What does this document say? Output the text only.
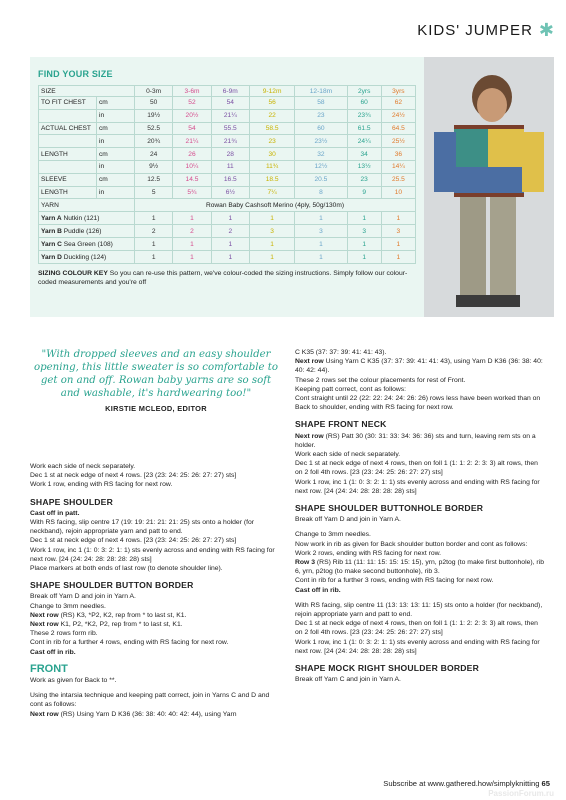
KIDS' JUMPER ✱
FIND YOUR SIZE
SIZE		0-3m	3-6m	6-9m	9-12m	12-18m	2yrs	3yrs
TO FIT CHEST	cm	50	52	54	56	58	60	62
	in	19½	20½	21¼	22	23	23¾	24½
ACTUAL CHEST	cm	52.5	54	55.5	58.5	60	61.5	64.5
	in	20¾	21¼	21¾	23	23½	24¼	25½
LENGTH	cm	24	26	28	30	32	34	36
	in	9½	10¼	11	11¾	12½	13½	14¼
SLEEVE	cm	12.5	14.5	16.5	18.5	20.5	23	25.5
LENGTH	in	5	5¾	6½	7¼	8	9	10
YARN		Rowan Baby Cashsoft Merino (4ply, 50g/130m)						
Yarn A Nutkin (121)		1	1	1	1	1	1	1
Yarn B Puddle (126)		2	2	2	3	3	3	3
Yarn C Sea Green (108)		1	1	1	1	1	1	1
Yarn D Duckling (124)		1	1	1	1	1	1	1
SIZING COLOUR KEY So you can re-use this pattern, we've colour-coded the sizing instructions. Simply follow our colour-coded measurements and you're off
"With dropped sleeves and an easy shoulder opening, this little sweater is so comfortable to get on and off. Rowan baby yarns are so soft and washable, it's hardwearing too!"
KIRSTIE MCLEOD, EDITOR

Work each side of neck separately.

Dec 1 st at neck edge of next 4 rows. [23 (23: 24: 25: 26: 27: 27) sts]

Work 1 row, ending with RS facing for next row.

SHAPE SHOULDER

Cast off in patt.

With RS facing, slip centre 17 (19: 19: 21: 21: 21: 25) sts onto a holder (for neckband), rejoin appropriate yarn and patt to end.

Dec 1 st at neck edge of next 4 rows. [23 (23: 24: 25: 26: 27: 27) sts]

Work 1 row, inc 1 (1: 0: 3: 2: 1: 1) sts evenly across and ending with RS facing for next row. [24 (24: 24: 28: 28: 28: 28) sts]

Place markers at both ends of last row (to denote shoulder line).

SHAPE SHOULDER BUTTON BORDER

Break off Yarn D and join in Yarn A.

Change to 3mm needles.

Next row (RS) K3, *P2, K2, rep from * to last st, K1.

Next row K1, P2, *K2, P2, rep from * to last st, K1.

These 2 rows form rib.

Cont in rib for a further 4 rows, ending with RS facing for next row.

Cast off in rib.

FRONT

Work as given for Back to **.

Using the intarsia technique and keeping patt correct, join in Yarns C and D and cont as follows:

Next row (RS) Using Yarn D K36 (36: 38: 40: 40: 42: 44), using Yarn

C K35 (37: 37: 39: 41: 41: 43).

Next row Using Yarn C K35 (37: 37: 39: 41: 41: 43), using Yarn D K36 (36: 38: 40: 40: 42: 44).

These 2 rows set the colour placements for rest of Front.

Keeping patt correct, cont as follows:

Cont straight until 22 (22: 22: 24: 24: 26: 26) rows less have been worked than on Back to shoulder, ending with RS facing for next row.

SHAPE FRONT NECK

Next row (RS) Patt 30 (30: 31: 33: 34: 36: 36) sts and turn, leaving rem sts on a holder.

Work each side of neck separately.

Dec 1 st at neck edge of next 4 rows, then on foll 1 (1: 1: 2: 2: 3: 3) alt rows, then on 2 foll 4th rows. [23 (23: 24: 25: 26: 27: 27) sts]

Work 1 row, inc 1 (1: 0: 3: 2: 1: 1) sts evenly across and ending with RS facing for next row. [24 (24: 24: 28: 28: 28: 28) sts]

SHAPE SHOULDER BUTTONHOLE BORDER

Break off Yarn D and join in Yarn A.

Change to 3mm needles.

Now work in rib as given for Back shoulder button border and cont as follows:

Work 2 rows, ending with RS facing for next row.

Row 3 (RS) Rib 11 (11: 11: 15: 15: 15: 15), yrn, p2tog (to make first buttonhole), rib 6, yrn, p2tog (to make second buttonhole), rib 3.

Cont in rib for a further 3 rows, ending with RS facing for next row.

Cast off in rib.

With RS facing, slip centre 11 (13: 13: 13: 11: 15) sts onto a holder (for neckband), rejoin appropriate yarn and patt to end.

Dec 1 st at neck edge of next 4 rows, then on foll 1 (1: 1: 2: 2: 3: 3) alt rows, then on 2 foll 4th rows. [23 (23: 24: 25: 26: 27: 27) sts]

Work 1 row, inc 1 (1: 0: 3: 2: 1: 1) sts evenly across and ending with RS facing for next row. [24 (24: 24: 28: 28: 28: 28) sts]

SHAPE MOCK RIGHT SHOULDER BORDER

Break off Yarn C and join in Yarn A.

Subscribe at www.gathered.how/simplyknitting 65
PassionForum.ru
